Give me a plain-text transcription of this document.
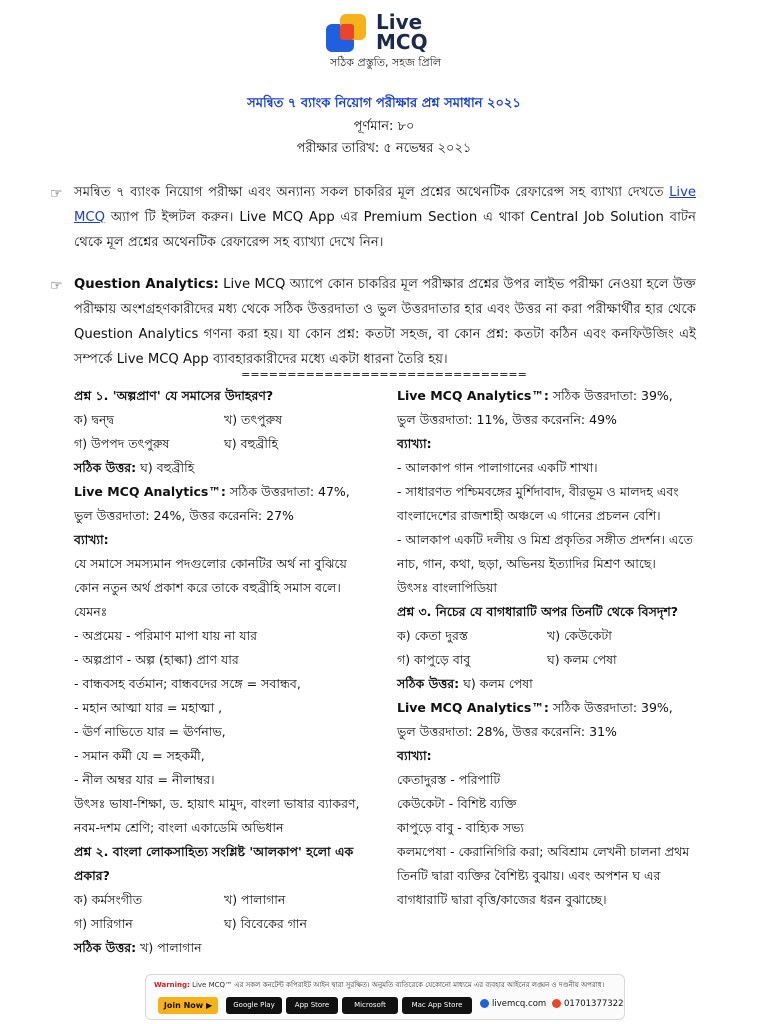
Live
MCQ
সঠিক প্রস্তুতি, সহজ প্রিলি
সমন্বিত ৭ ব্যাংক নিয়োগ পরীক্ষার প্রশ্ন সমাধান ২০২১
পূর্ণমান: ৮০
পরীক্ষার তারিখ: ৫ নভেম্বর ২০২১
☞ সমন্বিত ৭ ব্যাংক নিয়োগ পরীক্ষা এবং অন্যান্য সকল চাকরির মূল প্রশ্নের অথেনটিক রেফারেন্স সহ ব্যাখ্যা দেখতে Live MCQ অ্যাপ টি ইন্সটল করুন। Live MCQ App এর Premium Section এ থাকা Central Job Solution বাটন থেকে মূল প্রশ্নের অথেনটিক রেফারেন্স সহ ব্যাখ্যা দেখে নিন।
☞ Question Analytics: Live MCQ অ্যাপে কোন চাকরির মূল পরীক্ষার প্রশ্নের উপর লাইভ পরীক্ষা নেওয়া হলে উক্ত পরীক্ষায় অংশগ্রহণকারীদের মধ্য থেকে সঠিক উত্তরদাতা ও ভুল উত্তরদাতার হার এবং উত্তর না করা পরীক্ষার্থীর হার থেকে Question Analytics গণনা করা হয়। যা কোন প্রশ্ন: কতটা সহজ, বা কোন প্রশ্ন: কতটা কঠিন এবং কনফিউজিং এই সম্পর্কে Live MCQ App ব্যাবহারকারীদের মধ্যে একটা ধারনা তৈরি হয়।
===============================
প্রশ্ন ১. 'অল্পপ্রাণ' যে সমাসের উদাহরণ?
ক) দ্বন্দ্ব	খ) তৎপুরুষ
গ) উপপদ তৎপুরুষ	ঘ) বহুব্রীহি
সঠিক উত্তর: ঘ) বহুব্রীহি
Live MCQ Analytics™: সঠিক উত্তরদাতা: 47%,
ভুল উত্তরদাতা: 24%, উত্তর করেননি: 27%
ব্যাখ্যা:
যে সমাসে সমস্যমান পদগুলোর কোনটির অর্থ না বুঝিয়ে কোন নতুন অর্থ প্রকাশ করে তাকে বহুব্রীহি সমাস বলে।
যেমনঃ
- অপ্রমেয় - পরিমাণ মাপা যায় না যার
- অল্পপ্রাণ - অল্প (হাল্কা) প্রাণ যার
- বান্ধবসহ বর্তমান; বান্ধবদের সঙ্গে = সবান্ধব,
- মহান আত্মা যার = মহাত্মা ,
- ঊর্ণ নাভিতে যার = ঊর্ণনাভ,
- সমান কর্মী যে = সহকর্মী,
- নীল অম্বর যার = নীলাম্বর।
উৎসঃ ভাষা-শিক্ষা, ড. হায়াৎ মামুদ, বাংলা ভাষার ব্যাকরণ, নবম-দশম শ্রেণি; বাংলা একাডেমি অভিধান
প্রশ্ন ২. বাংলা লোকসাহিত্য সংশ্লিষ্ট 'আলকাপ' হলো এক প্রকার?
ক) কর্মসংগীত	খ) পালাগান
গ) সারিগান	ঘ) বিবেকের গান
সঠিক উত্তর: খ) পালাগান
Live MCQ Analytics™: সঠিক উত্তরদাতা: 39%,
ভুল উত্তরদাতা: 11%, উত্তর করেননি: 49%
ব্যাখ্যা:
- আলকাপ গান পালাগানের একটি শাখা।
- সাধারণত পশ্চিমবঙ্গের মুর্শিদাবাদ, বীরভূম ও মালদহ এবং বাংলাদেশের রাজশাহী অঞ্চলে এ গানের প্রচলন বেশি।
- আলকাপ একটি দলীয় ও মিশ্র প্রকৃতির সঙ্গীত প্রদর্শন। এতে নাচ, গান, কথা, ছড়া, অভিনয় ইত্যাদির মিশ্রণ আছে।
উৎসঃ বাংলাপিডিয়া
প্রশ্ন ৩. নিচের যে বাগধারাটি অপর তিনটি থেকে বিসদৃশ?
ক) কেতা দুরস্ত	খ) কেউকেটা
গ) কাপুড়ে বাবু	ঘ) কলম পেষা
সঠিক উত্তর: ঘ) কলম পেষা
Live MCQ Analytics™: সঠিক উত্তরদাতা: 39%,
ভুল উত্তরদাতা: 28%, উত্তর করেননি: 31%
ব্যাখ্যা:
কেতাদুরস্ত - পরিপাটি
কেউকেটা - বিশিষ্ট ব্যক্তি
কাপুড়ে বাবু - বাহ্যিক সভ্য
কলমপেষা - কেরানিগিরি করা; অবিশ্রাম লেখনী চালনা প্রথম তিনটি দ্বারা ব্যক্তির বৈশিষ্ট্য বুঝায়। এবং অপশন ঘ এর বাগধারাটি দ্বারা বৃত্তি/কাজের ধরন বুঝাচ্ছে।
Warning: Live MCQ™ এর সকল কনটেন্ট কপিরাইট আইন দ্বারা সুরক্ষিত। অনুমতি ব্যতিরেকে যেকোনো মাধ্যমে এর ব্যবহার আইনের লঙ্ঘন ও দণ্ডনীয় অপরাধ।
Join Now ▶	Google Play	App Store	Microsoft	Mac App Store	livemcq.com 01701377322
